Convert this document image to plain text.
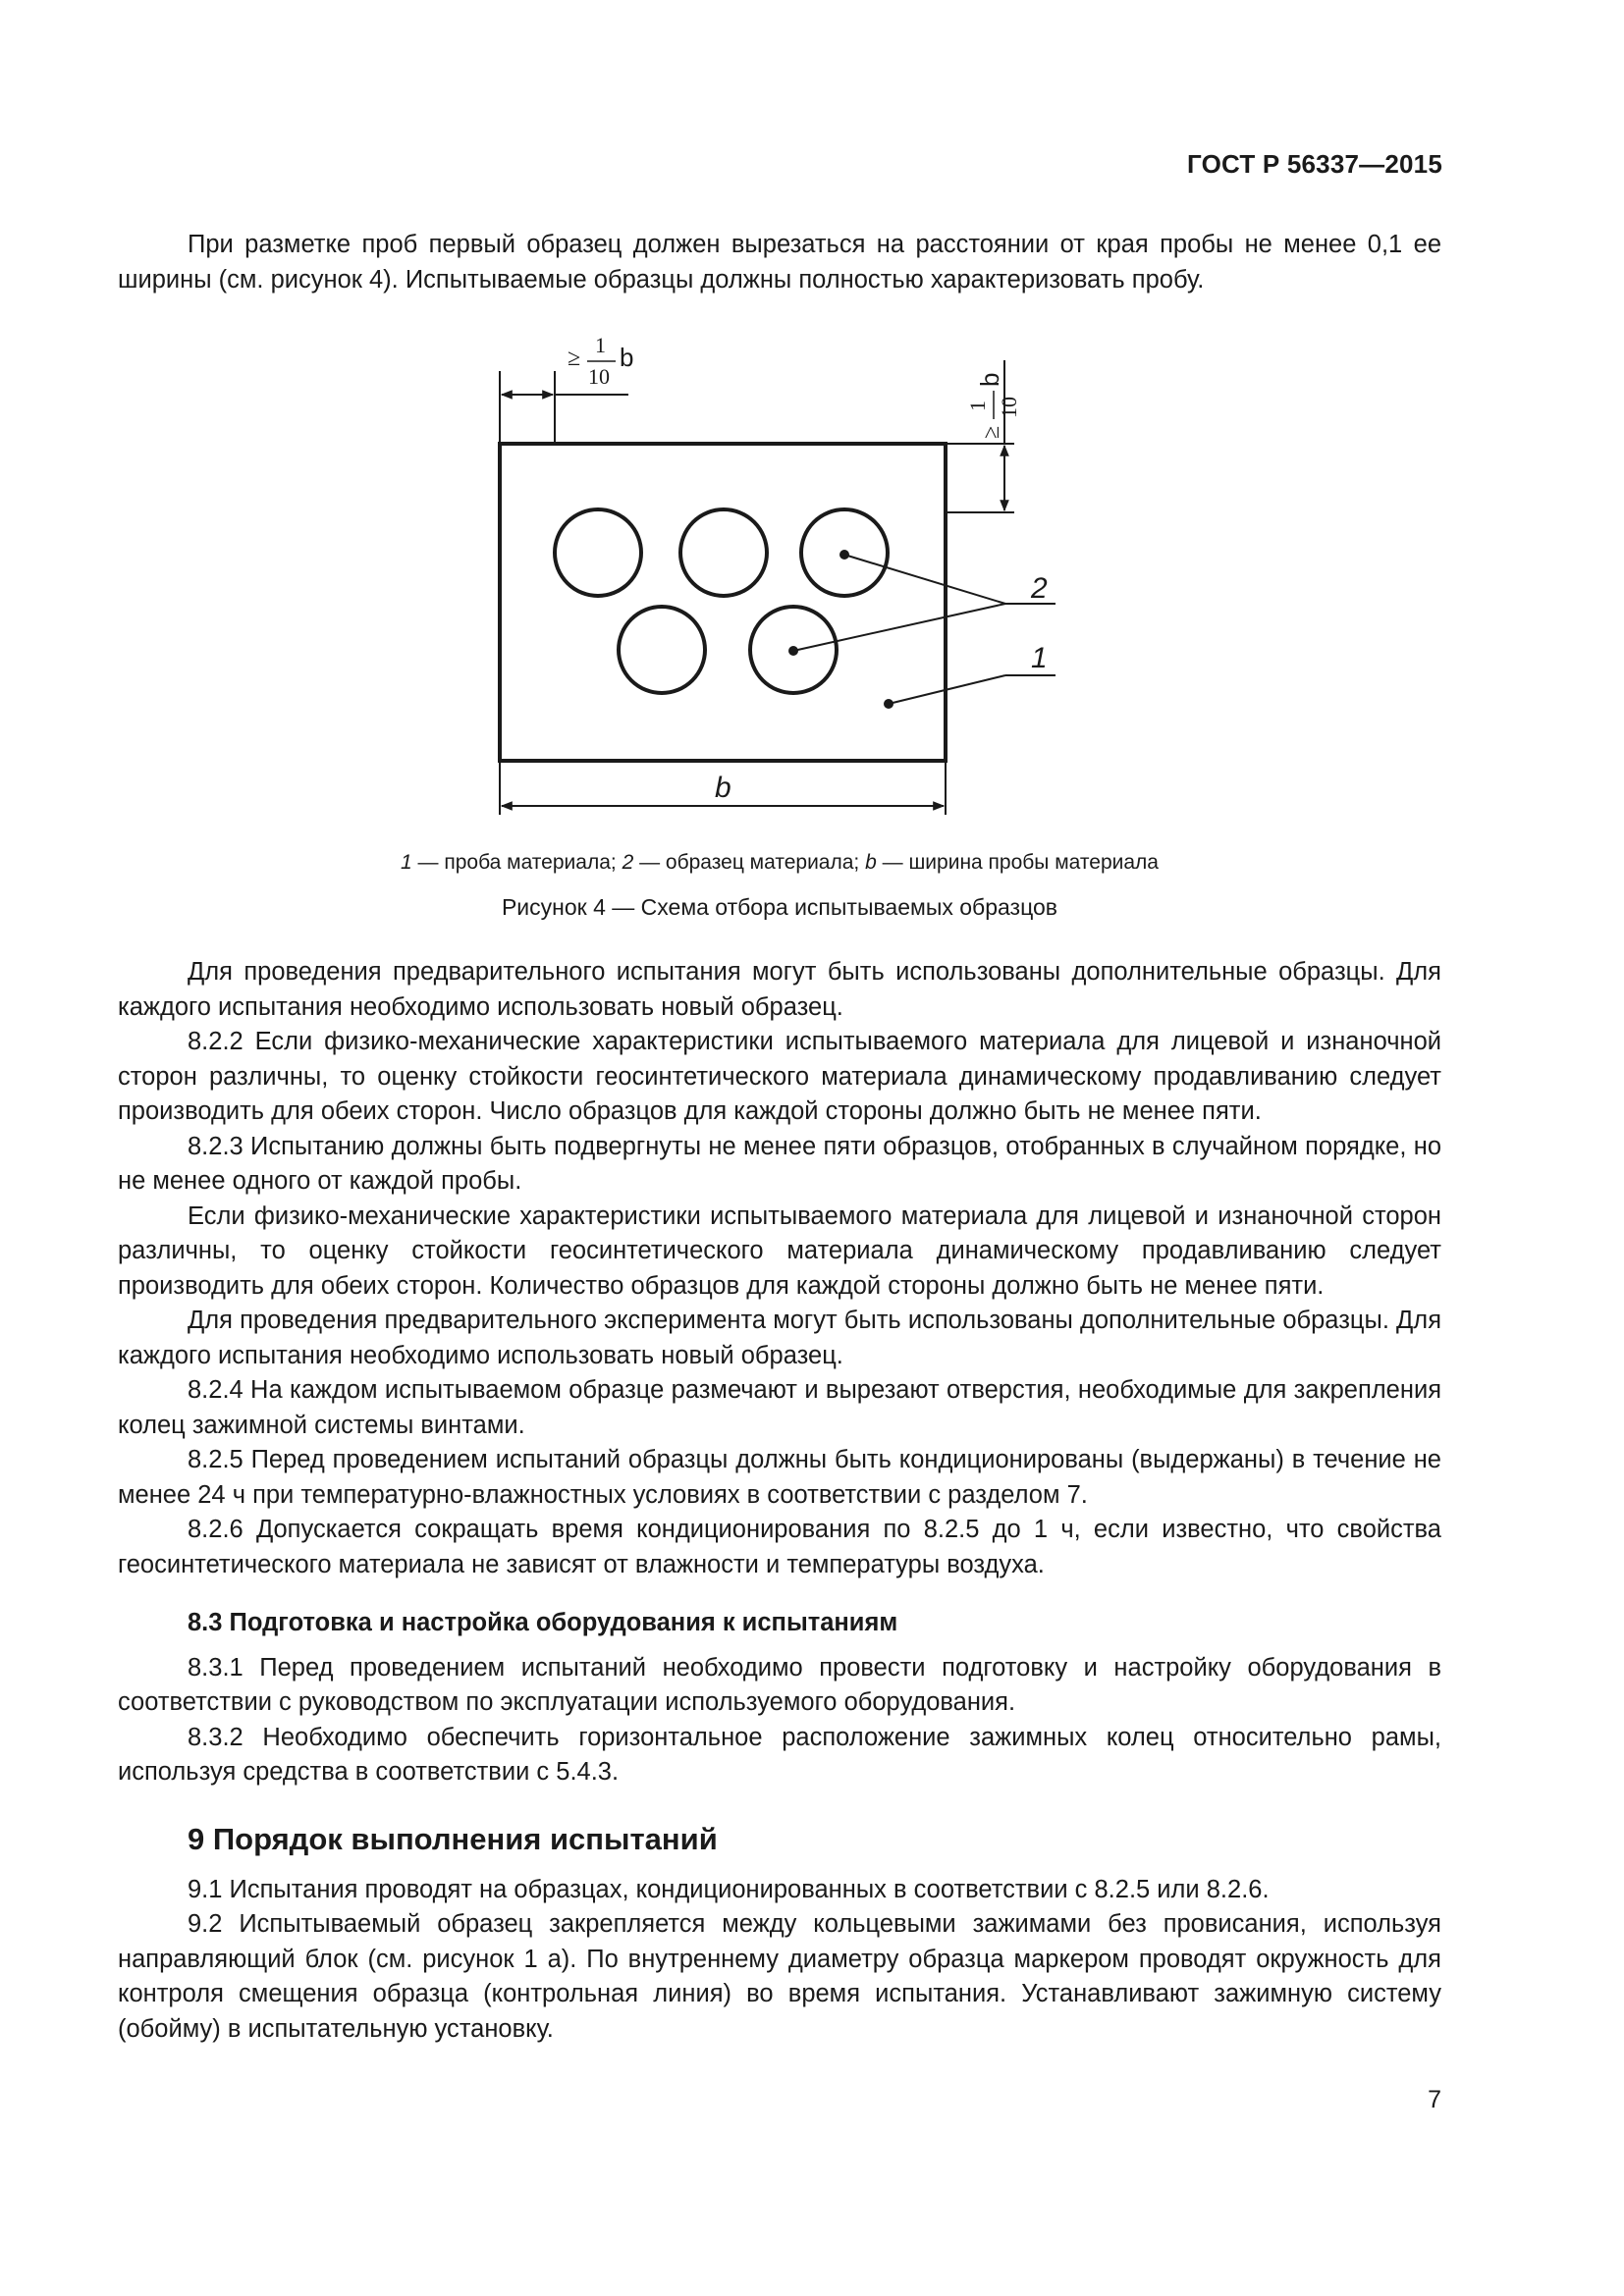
ГОСТ Р 56337—2015

При разметке проб первый образец должен вырезаться на расстоянии от края пробы не менее 0,1 ее ширины (см. рисунок 4). Испытываемые образцы должны полностью характеризовать пробу.

≥
1
10
b
≥
1 10
b
b
2
1
1 — проба материала; 2 — образец материала; b — ширина пробы материала
Рисунок 4 — Схема отбора испытываемых образцов

Для проведения предварительного испытания могут быть использованы дополнительные образцы. Для каждого испытания необходимо использовать новый образец.

8.2.2 Если физико-механические характеристики испытываемого материала для лицевой и изнаночной сторон различны, то оценку стойкости геосинтетического материала динамическому продавливанию следует производить для обеих сторон. Число образцов для каждой стороны должно быть не менее пяти.

8.2.3 Испытанию должны быть подвергнуты не менее пяти образцов, отобранных в случайном порядке, но не менее одного от каждой пробы.

Если физико-механические характеристики испытываемого материала для лицевой и изнаночной сторон различны, то оценку стойкости геосинтетического материала динамическому продавливанию следует производить для обеих сторон. Количество образцов для каждой стороны должно быть не менее пяти.

Для проведения предварительного эксперимента могут быть использованы дополнительные образцы. Для каждого испытания необходимо использовать новый образец.

8.2.4 На каждом испытываемом образце размечают и вырезают отверстия, необходимые для закрепления колец зажимной системы винтами.

8.2.5 Перед проведением испытаний образцы должны быть кондиционированы (выдержаны) в течение не менее 24 ч при температурно-влажностных условиях в соответствии с разделом 7.

8.2.6 Допускается сокращать время кондиционирования по 8.2.5 до 1 ч, если известно, что свойства геосинтетического материала не зависят от влажности и температуры воздуха.

8.3 Подготовка и настройка оборудования к испытаниям

8.3.1 Перед проведением испытаний необходимо провести подготовку и настройку оборудования в соответствии с руководством по эксплуатации используемого оборудования.

8.3.2 Необходимо обеспечить горизонтальное расположение зажимных колец относительно рамы, используя средства в соответствии с 5.4.3.

9 Порядок выполнения испытаний

9.1 Испытания проводят на образцах, кондиционированных в соответствии с 8.2.5 или 8.2.6.

9.2 Испытываемый образец закрепляется между кольцевыми зажимами без провисания, используя направляющий блок (см. рисунок 1 а). По внутреннему диаметру образца маркером проводят окружность для контроля смещения образца (контрольная линия) во время испытания. Устанавливают зажимную систему (обойму) в испытательную установку.

7
